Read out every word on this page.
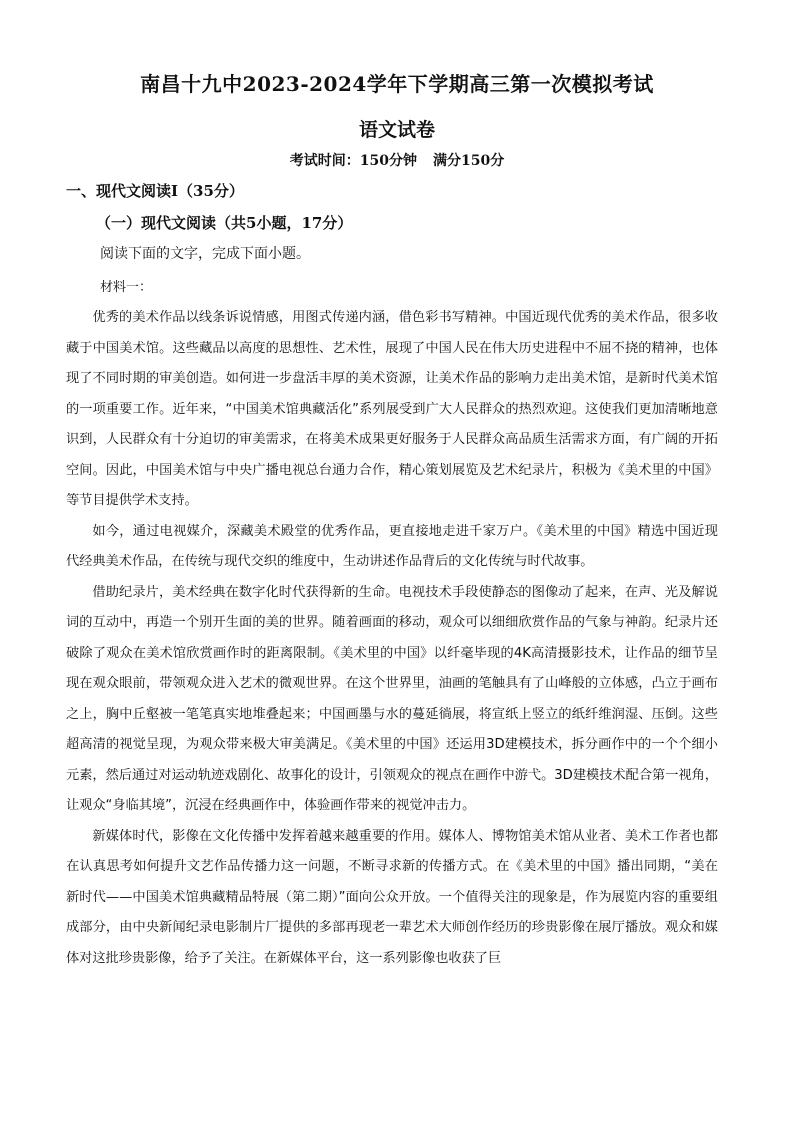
南昌十九中2023-2024学年下学期高三第一次模拟考试
语文试卷
考试时间：150分钟 满分150分
一、现代文阅读Ⅰ（35分）
（一）现代文阅读（共5小题，17分）
阅读下面的文字，完成下面小题。
材料一：

优秀的美术作品以线条诉说情感，用图式传递内涵，借色彩书写精神。中国近现代优秀的美术作品，很多收藏于中国美术馆。这些藏品以高度的思想性、艺术性，展现了中国人民在伟大历史进程中不屈不挠的精神，也体现了不同时期的审美创造。如何进一步盘活丰厚的美术资源，让美术作品的影响力走出美术馆，是新时代美术馆的一项重要工作。近年来，“中国美术馆典藏活化”系列展受到广大人民群众的热烈欢迎。这使我们更加清晰地意识到，人民群众有十分迫切的审美需求，在将美术成果更好服务于人民群众高品质生活需求方面，有广阔的开拓空间。因此，中国美术馆与中央广播电视总台通力合作，精心策划展览及艺术纪录片，积极为《美术里的中国》等节目提供学术支持。

如今，通过电视媒介，深藏美术殿堂的优秀作品，更直接地走进千家万户。《美术里的中国》精选中国近现代经典美术作品，在传统与现代交织的维度中，生动讲述作品背后的文化传统与时代故事。

借助纪录片，美术经典在数字化时代获得新的生命。电视技术手段使静态的图像动了起来，在声、光及解说词的互动中，再造一个别开生面的美的世界。随着画面的移动，观众可以细细欣赏作品的气象与神韵。纪录片还破除了观众在美术馆欣赏画作时的距离限制。《美术里的中国》以纤毫毕现的4K高清摄影技术，让作品的细节呈现在观众眼前，带领观众进入艺术的微观世界。在这个世界里，油画的笔触具有了山峰般的立体感，凸立于画布之上，胸中丘壑被一笔笔真实地堆叠起来；中国画墨与水的蔓延徜展，将宣纸上竖立的纸纤维润湿、压倒。这些超高清的视觉呈现，为观众带来极大审美满足。《美术里的中国》还运用3D建模技术，拆分画作中的一个个细小元素，然后通过对运动轨迹戏剧化、故事化的设计，引领观众的视点在画作中游弋。3D建模技术配合第一视角，让观众“身临其境”，沉浸在经典画作中，体验画作带来的视觉冲击力。

新媒体时代，影像在文化传播中发挥着越来越重要的作用。媒体人、博物馆美术馆从业者、美术工作者也都在认真思考如何提升文艺作品传播力这一问题，不断寻求新的传播方式。在《美术里的中国》播出同期，“美在新时代——中国美术馆典藏精品特展（第二期）”面向公众开放。一个值得关注的现象是，作为展览内容的重要组成部分，由中央新闻纪录电影制片厂提供的多部再现老一辈艺术大师创作经历的珍贵影像在展厅播放。观众和媒体对这批珍贵影像，给予了关注。在新媒体平台，这一系列影像也收获了巨
